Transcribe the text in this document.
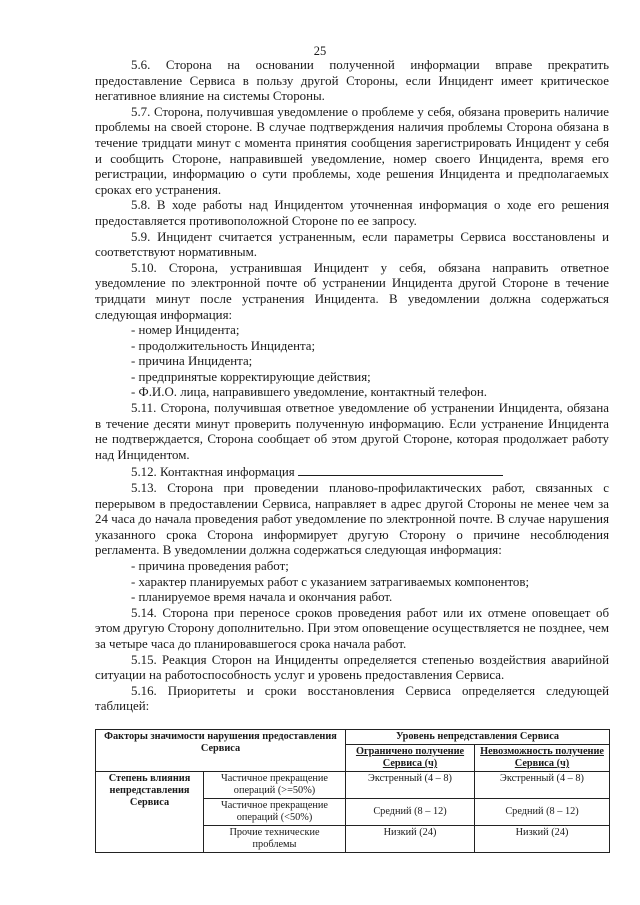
25

5.6. Сторона на основании полученной информации вправе прекратить предоставление Сервиса в пользу другой Стороны, если Инцидент имеет критическое негативное влияние на системы Стороны.

5.7. Сторона, получившая уведомление о проблеме у себя, обязана проверить наличие проблемы на своей стороне. В случае подтверждения наличия проблемы Сторона обязана в течение тридцати минут с момента принятия сообщения зарегистрировать Инцидент у себя и сообщить Стороне, направившей уведомление, номер своего Инцидента, время его регистрации, информацию о сути проблемы, ходе решения Инцидента и предполагаемых сроках его устранения.

5.8. В ходе работы над Инцидентом уточненная информация о ходе его решения предоставляется противоположной Стороне по ее запросу.

5.9. Инцидент считается устраненным, если параметры Сервиса восстановлены и соответствуют нормативным.

5.10. Сторона, устранившая Инцидент у себя, обязана направить ответное уведомление по электронной почте об устранении Инцидента другой Стороне в течение тридцати минут после устранения Инцидента. В уведомлении должна содержаться следующая информация:

- номер Инцидента;

- продолжительность Инцидента;

- причина Инцидента;

- предпринятые корректирующие действия;

- Ф.И.О. лица, направившего уведомление, контактный телефон.

5.11. Сторона, получившая ответное уведомление об устранении Инцидента, обязана в течение десяти минут проверить полученную информацию. Если устранение Инцидента не подтверждается, Сторона сообщает об этом другой Стороне, которая продолжает работу над Инцидентом.

5.12. Контактная информация

5.13. Сторона при проведении планово-профилактических работ, связанных с перерывом в предоставлении Сервиса, направляет в адрес другой Стороны не менее чем за 24 часа до начала проведения работ уведомление по электронной почте. В случае нарушения указанного срока Сторона информирует другую Сторону о причине несоблюдения регламента. В уведомлении должна содержаться следующая информация:

- причина проведения работ;

- характер планируемых работ с указанием затрагиваемых компонентов;

- планируемое время начала и окончания работ.

5.14. Сторона при переносе сроков проведения работ или их отмене оповещает об этом другую Сторону дополнительно. При этом оповещение осуществляется не позднее, чем за четыре часа до планировавшегося срока начала работ.

5.15. Реакция Сторон на Инциденты определяется степенью воздействия аварийной ситуации на работоспособность услуг и уровень предоставления Сервиса.

5.16. Приоритеты и сроки восстановления Сервиса определяется следующей таблицей:

Факторы значимости нарушения предоставления Сервиса		Уровень непредставления Сервиса	
		Ограничено получение Сервиса (ч)	Невозможность получение Сервиса (ч)
Степень влияния непредставления Сервиса	Частичное прекращение операций (>=50%)	Экстренный (4 – 8)	Экстренный (4 – 8)
	Частичное прекращение операций (<50%)	Средний (8 – 12)	Средний (8 – 12)
	Прочие технические проблемы	Низкий (24)	Низкий (24)
